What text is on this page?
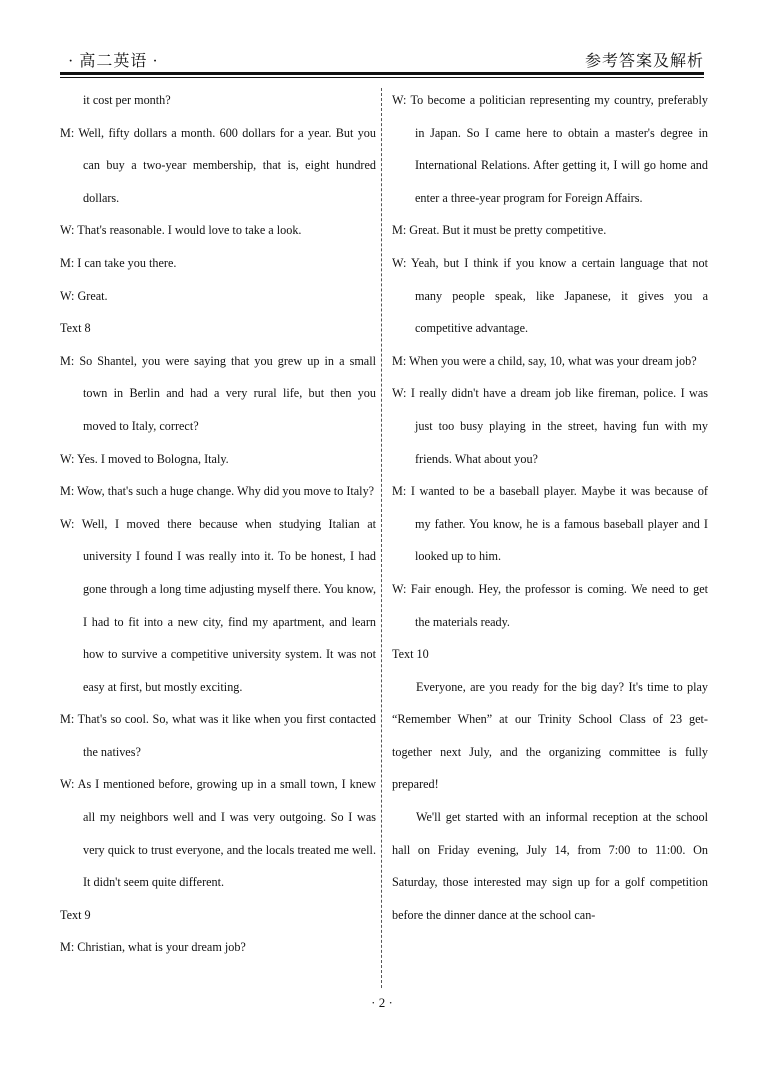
· 高二英语 ·	参考答案及解析
it cost per month?
M: Well, fifty dollars a month. 600 dollars for a year. But you can buy a two-year membership, that is, eight hundred dollars.
W: That's reasonable. I would love to take a look.
M: I can take you there.
W: Great.
Text 8
M: So Shantel, you were saying that you grew up in a small town in Berlin and had a very rural life, but then you moved to Italy, correct?
W: Yes. I moved to Bologna, Italy.
M: Wow, that's such a huge change. Why did you move to Italy?
W: Well, I moved there because when studying Italian at university I found I was really into it. To be honest, I had gone through a long time adjusting myself there. You know, I had to fit into a new city, find my apartment, and learn how to survive a competitive university system. It was not easy at first, but mostly exciting.
M: That's so cool. So, what was it like when you first contacted the natives?
W: As I mentioned before, growing up in a small town, I knew all my neighbors well and I was very outgoing. So I was very quick to trust everyone, and the locals treated me well. It didn't seem quite different.
Text 9
M: Christian, what is your dream job?
W: To become a politician representing my country, preferably in Japan. So I came here to obtain a master's degree in International Relations. After getting it, I will go home and enter a three-year program for Foreign Affairs.
M: Great. But it must be pretty competitive.
W: Yeah, but I think if you know a certain language that not many people speak, like Japanese, it gives you a competitive advantage.
M: When you were a child, say, 10, what was your dream job?
W: I really didn't have a dream job like fireman, police. I was just too busy playing in the street, having fun with my friends. What about you?
M: I wanted to be a baseball player. Maybe it was because of my father. You know, he is a famous baseball player and I looked up to him.
W: Fair enough. Hey, the professor is coming. We need to get the materials ready.
Text 10
Everyone, are you ready for the big day? It's time to play “Remember When” at our Trinity School Class of 23 get-together next July, and the organizing committee is fully prepared!
We'll get started with an informal reception at the school hall on Friday evening, July 14, from 7:00 to 11:00. On Saturday, those interested may sign up for a golf competition before the dinner dance at the school can-
· 2 ·
